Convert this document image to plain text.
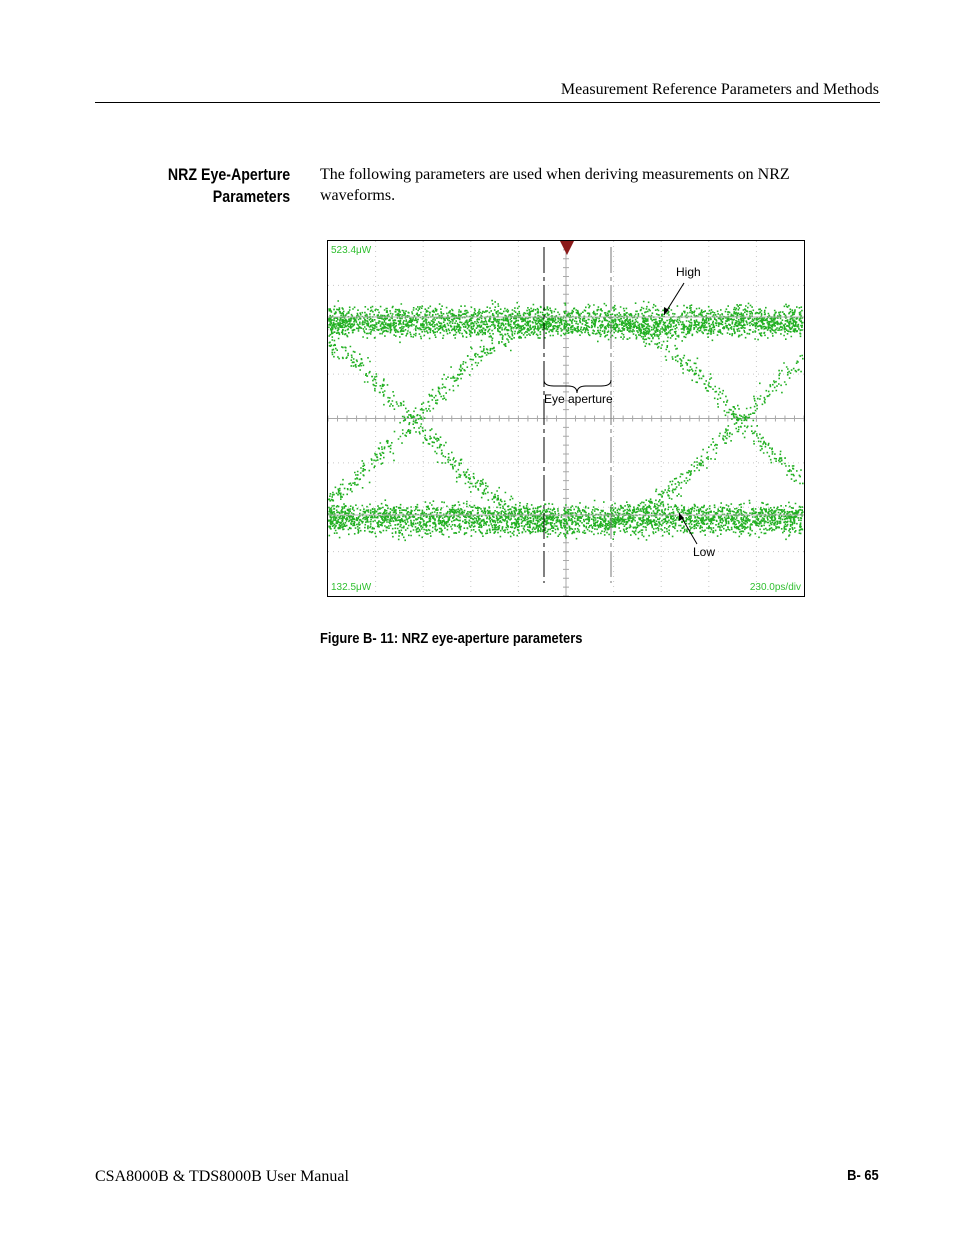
Measurement Reference Parameters and Methods
NRZ Eye-Aperture
Parameters
The following parameters are used when deriving measurements on NRZ waveforms.
523.4μW
132.5μW	230.0ps/div
High
Low
Eye aperture
Figure B- 11: NRZ eye-aperture parameters
CSA8000B & TDS8000B User Manual	B- 65
